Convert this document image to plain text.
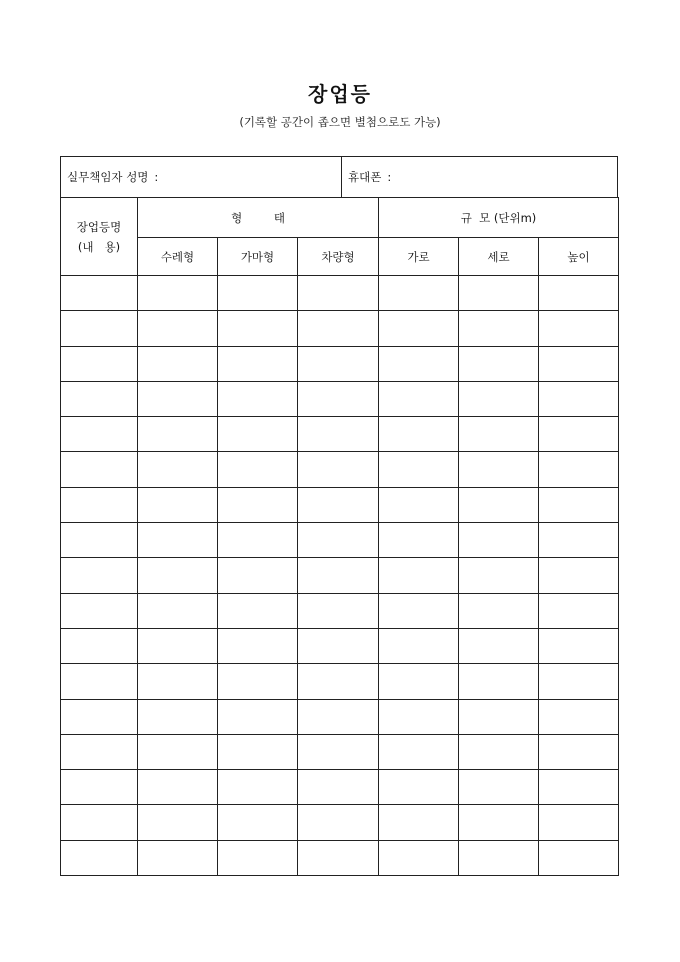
장업등
(기록할 공간이 좁으면 별첨으로도 가능)
실무책임자 성명 :	휴대폰 :
장업등명
(내   용)	형 태			규  모 (단위m)		
	수레형	가마형	차량형	가로	세로	높이
